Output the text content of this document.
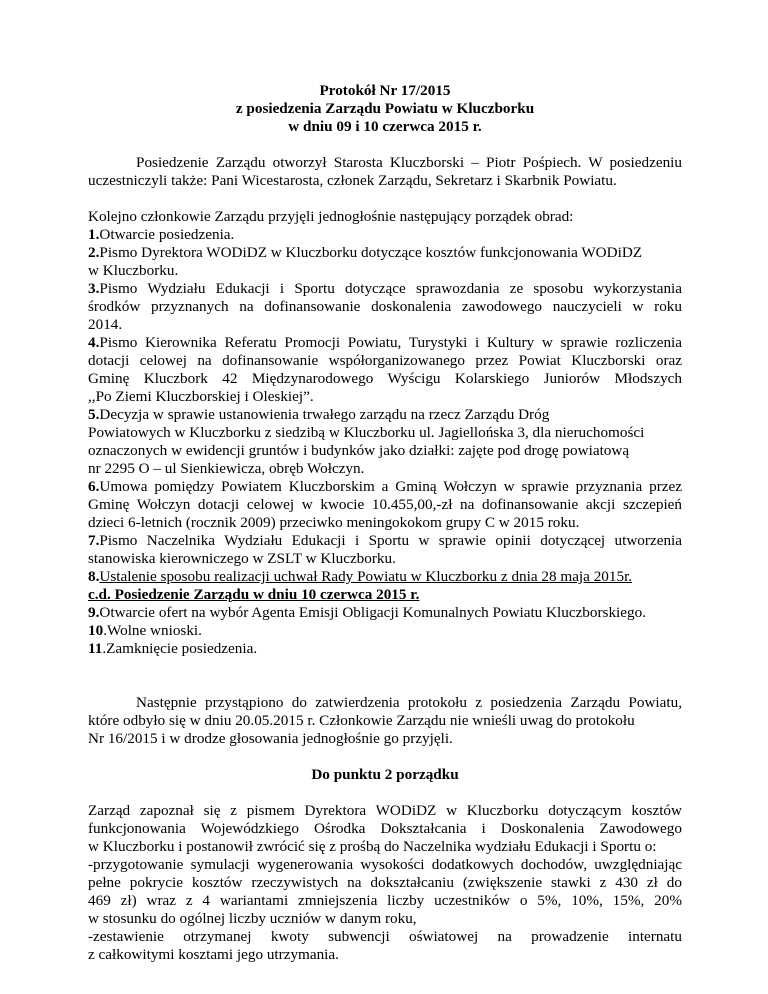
Protokół Nr 17/2015
z posiedzenia Zarządu Powiatu w Kluczborku
w dniu 09 i 10 czerwca 2015 r.
Posiedzenie Zarządu otworzył Starosta Kluczborski – Piotr Pośpiech. W posiedzeniu
uczestniczyli także: Pani Wicestarosta, członek Zarządu, Sekretarz i Skarbnik Powiatu.
Kolejno członkowie Zarządu przyjęli jednogłośnie następujący porządek obrad:
1.Otwarcie posiedzenia.
2.Pismo Dyrektora WODiDZ w Kluczborku dotyczące kosztów funkcjonowania WODiDZ
w Kluczborku.
3.Pismo Wydziału Edukacji i Sportu dotyczące sprawozdania ze sposobu wykorzystania
środków przyznanych na dofinansowanie doskonalenia zawodowego nauczycieli w roku
2014.
4.Pismo Kierownika Referatu Promocji Powiatu, Turystyki i Kultury w sprawie rozliczenia
dotacji celowej na dofinansowanie współorganizowanego przez Powiat Kluczborski oraz
Gminę Kluczbork 42 Międzynarodowego Wyścigu Kolarskiego Juniorów Młodszych
,,Po Ziemi Kluczborskiej i Oleskiej”.
5.Decyzja w sprawie ustanowienia trwałego zarządu na rzecz Zarządu Dróg
Powiatowych w Kluczborku z siedzibą w Kluczborku ul. Jagiellońska 3, dla nieruchomości
oznaczonych w ewidencji gruntów i budynków jako działki: zajęte pod drogę powiatową
nr 2295 O – ul Sienkiewicza, obręb Wołczyn.
6.Umowa pomiędzy Powiatem Kluczborskim a Gminą Wołczyn w sprawie przyznania przez
Gminę Wołczyn dotacji celowej w kwocie 10.455,00,-zł na dofinansowanie akcji szczepień
dzieci 6-letnich (rocznik 2009) przeciwko meningokokom grupy C w 2015 roku.
7.Pismo Naczelnika Wydziału Edukacji i Sportu w sprawie opinii dotyczącej utworzenia
stanowiska kierowniczego w ZSLT w Kluczborku.
8.Ustalenie sposobu realizacji uchwał Rady Powiatu w Kluczborku z dnia 28 maja 2015r.
c.d. Posiedzenie Zarządu w dniu 10 czerwca 2015 r.
9.Otwarcie ofert na wybór Agenta Emisji Obligacji Komunalnych Powiatu Kluczborskiego.
10.Wolne wnioski.
11.Zamknięcie posiedzenia.
Następnie przystąpiono do zatwierdzenia protokołu z posiedzenia Zarządu Powiatu,
które odbyło się w dniu 20.05.2015 r. Członkowie Zarządu nie wnieśli uwag do protokołu
Nr 16/2015 i w drodze głosowania jednogłośnie go przyjęli.
Do punktu 2 porządku
Zarząd zapoznał się z pismem Dyrektora WODiDZ w Kluczborku dotyczącym kosztów
funkcjonowania Wojewódzkiego Ośrodka Dokształcania i Doskonalenia Zawodowego
w Kluczborku i postanowił zwrócić się z prośbą do Naczelnika wydziału Edukacji i Sportu o:
-przygotowanie symulacji wygenerowania wysokości dodatkowych dochodów, uwzględniając
pełne pokrycie kosztów rzeczywistych na dokształcaniu (zwiększenie stawki z 430 zł do
469 zł) wraz z 4 wariantami zmniejszenia liczby uczestników o 5%, 10%, 15%, 20%
w stosunku do ogólnej liczby uczniów w danym roku,
-zestawienie otrzymanej kwoty subwencji oświatowej na prowadzenie internatu
z całkowitymi kosztami jego utrzymania.
